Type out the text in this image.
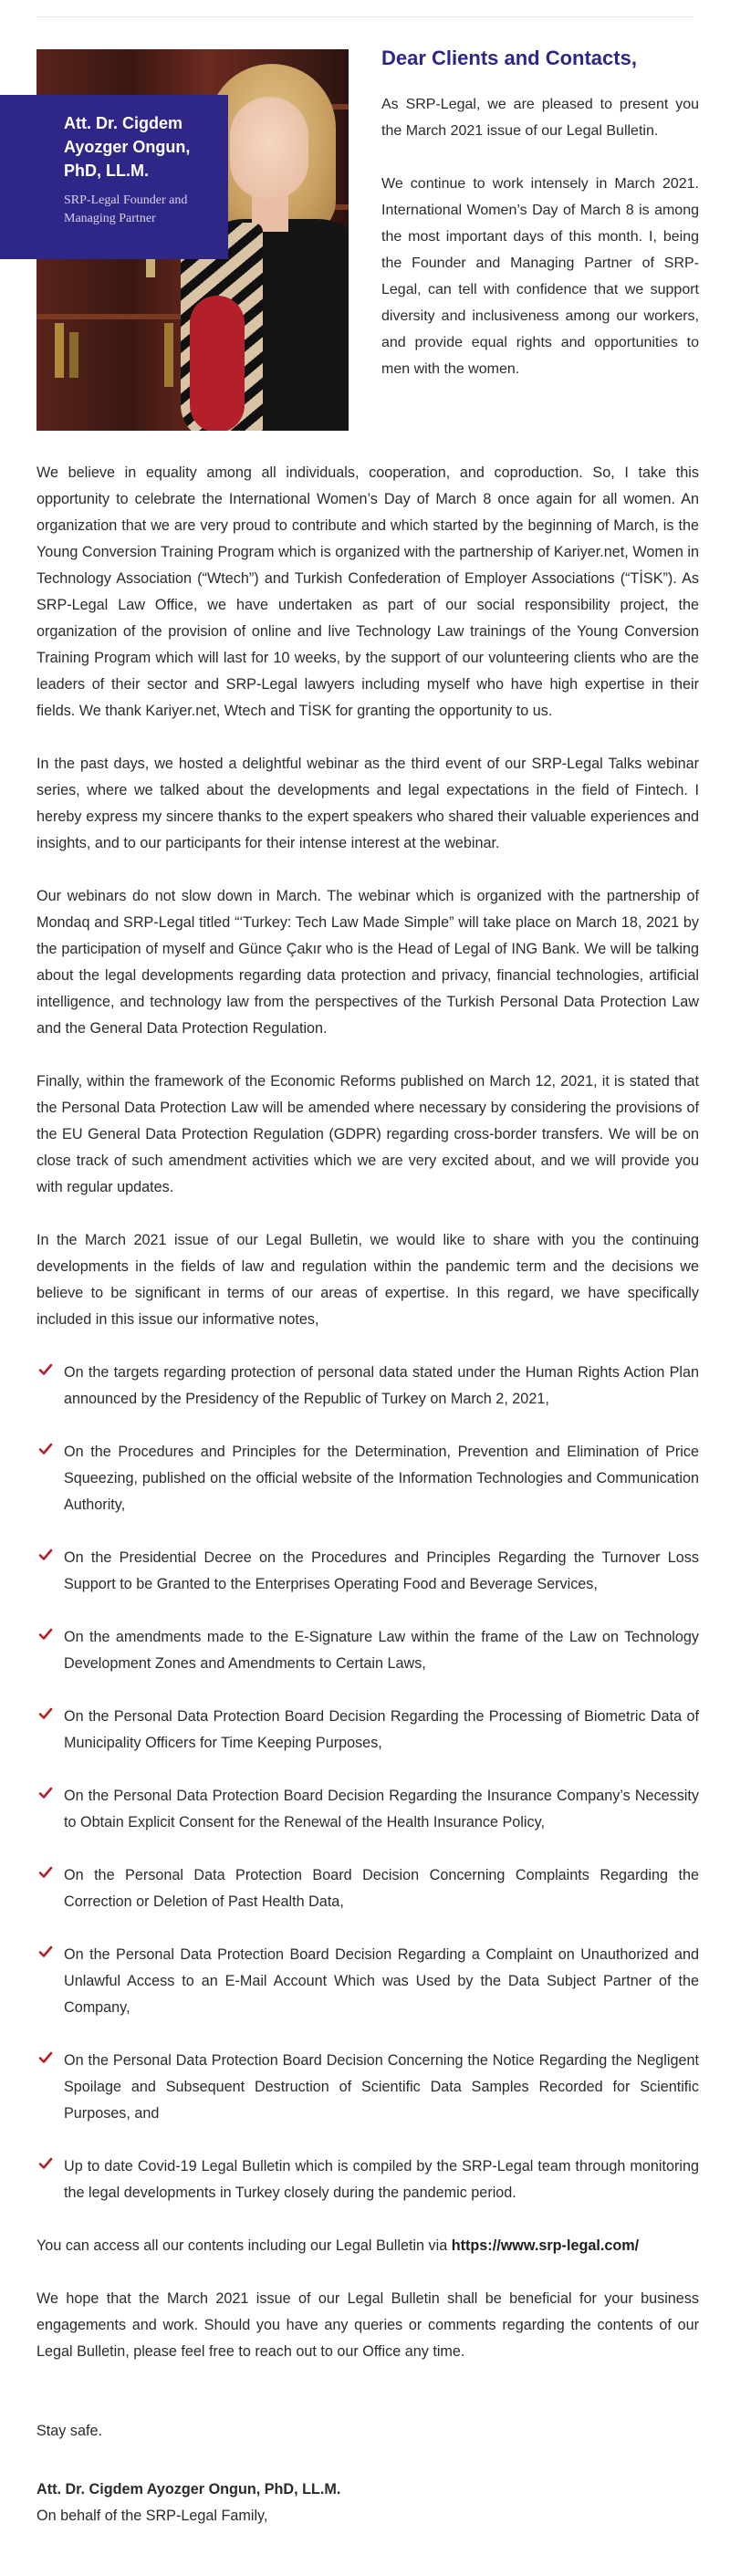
Att. Dr. Cigdem Ayozger Ongun, PhD, LL.M.
SRP-Legal Founder and Managing Partner
Dear Clients and Contacts,

As SRP-Legal, we are pleased to present you the March 2021 issue of our Legal Bulletin.

We continue to work intensely in March 2021. International Women’s Day of March 8 is among the most important days of this month. I, being the Founder and Managing Partner of SRP-Legal, can tell with confidence that we support diversity and inclusiveness among our workers, and provide equal rights and opportunities to men with the women.

We believe in equality among all individuals, cooperation, and coproduction. So, I take this opportunity to celebrate the International Women’s Day of March 8 once again for all women. An organization that we are very proud to contribute and which started by the beginning of March, is the Young Conversion Training Program which is organized with the partnership of Kariyer.net, Women in Technology Association (“Wtech”) and Turkish Confederation of Employer Associations (“TİSK”). As SRP-Legal Law Office, we have undertaken as part of our social responsibility project, the organization of the provision of online and live Technology Law trainings of the Young Conversion Training Program which will last for 10 weeks, by the support of our volunteering clients who are the leaders of their sector and SRP-Legal lawyers including myself who have high expertise in their fields. We thank Kariyer.net, Wtech and TİSK for granting the opportunity to us.

In the past days, we hosted a delightful webinar as the third event of our SRP-Legal Talks webinar series, where we talked about the developments and legal expectations in the field of Fintech. I hereby express my sincere thanks to the expert speakers who shared their valuable experiences and insights, and to our participants for their intense interest at the webinar.

Our webinars do not slow down in March. The webinar which is organized with the partnership of Mondaq and SRP-Legal titled “‘Turkey: Tech Law Made Simple” will take place on March 18, 2021 by the participation of myself and Günce Çakır who is the Head of Legal of ING Bank. We will be talking about the legal developments regarding data protection and privacy, financial technologies, artificial intelligence, and technology law from the perspectives of the Turkish Personal Data Protection Law and the General Data Protection Regulation.

Finally, within the framework of the Economic Reforms published on March 12, 2021, it is stated that the Personal Data Protection Law will be amended where necessary by considering the provisions of the EU General Data Protection Regulation (GDPR) regarding cross-border transfers. We will be on close track of such amendment activities which we are very excited about, and we will provide you with regular updates.

In the March 2021 issue of our Legal Bulletin, we would like to share with you the continuing developments in the fields of law and regulation within the pandemic term and the decisions we believe to be significant in terms of our areas of expertise. In this regard, we have specifically included in this issue our informative notes,

On the targets regarding protection of personal data stated under the Human Rights Action Plan announced by the Presidency of the Republic of Turkey on March 2, 2021,
On the Procedures and Principles for the Determination, Prevention and Elimination of Price Squeezing, published on the official website of the Information Technologies and Communication Authority,
On the Presidential Decree on the Procedures and Principles Regarding the Turnover Loss Support to be Granted to the Enterprises Operating Food and Beverage Services,
On the amendments made to the E-Signature Law within the frame of the Law on Technology Development Zones and Amendments to Certain Laws,
On the Personal Data Protection Board Decision Regarding the Processing of Biometric Data of Municipality Officers for Time Keeping Purposes,
On the Personal Data Protection Board Decision Regarding the Insurance Company’s Necessity to Obtain Explicit Consent for the Renewal of the Health Insurance Policy,
On the Personal Data Protection Board Decision Concerning Complaints Regarding the Correction or Deletion of Past Health Data,
On the Personal Data Protection Board Decision Regarding a Complaint on Unauthorized and Unlawful Access to an E-Mail Account Which was Used by the Data Subject Partner of the Company,
On the Personal Data Protection Board Decision Concerning the Notice Regarding the Negligent Spoilage and Subsequent Destruction of Scientific Data Samples Recorded for Scientific Purposes, and
Up to date Covid-19 Legal Bulletin which is compiled by the SRP-Legal team through monitoring the legal developments in Turkey closely during the pandemic period.

You can access all our contents including our Legal Bulletin via https://www.srp-legal.com/

We hope that the March 2021 issue of our Legal Bulletin shall be beneficial for your business engagements and work. Should you have any queries or comments regarding the contents of our Legal Bulletin, please feel free to reach out to our Office any time.

Stay safe.

Att. Dr. Cigdem Ayozger Ongun, PhD, LL.M.
On behalf of the SRP-Legal Family,
